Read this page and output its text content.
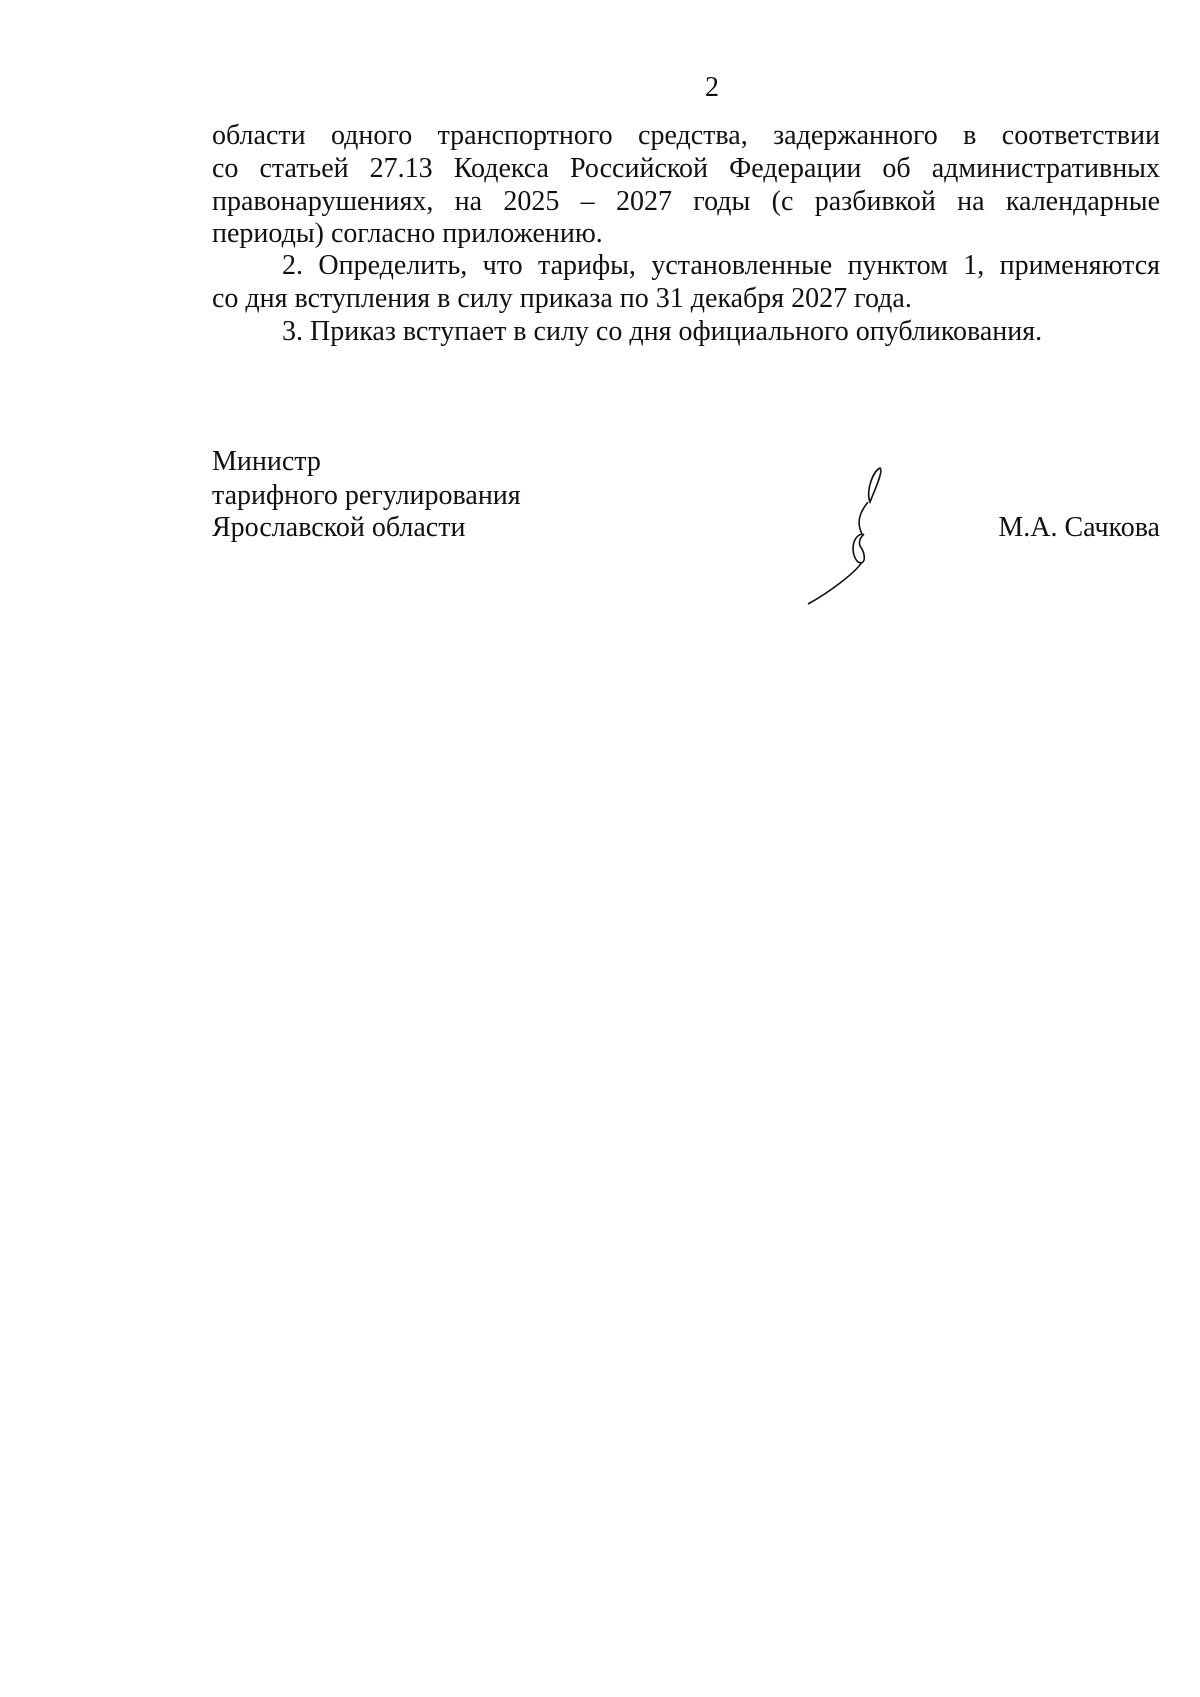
2
области одного транспортного средства, задержанного в соответствии
со статьей 27.13 Кодекса Российской Федерации об административных
правонарушениях, на 2025 – 2027 годы (с разбивкой на календарные
периоды) согласно приложению.
2. Определить, что тарифы, установленные пунктом 1, применяются
со дня вступления в силу приказа по 31 декабря 2027 года.
3. Приказ вступает в силу со дня официального опубликования.
Министр
тарифного регулирования
Ярославской области	М.А. Сачкова
